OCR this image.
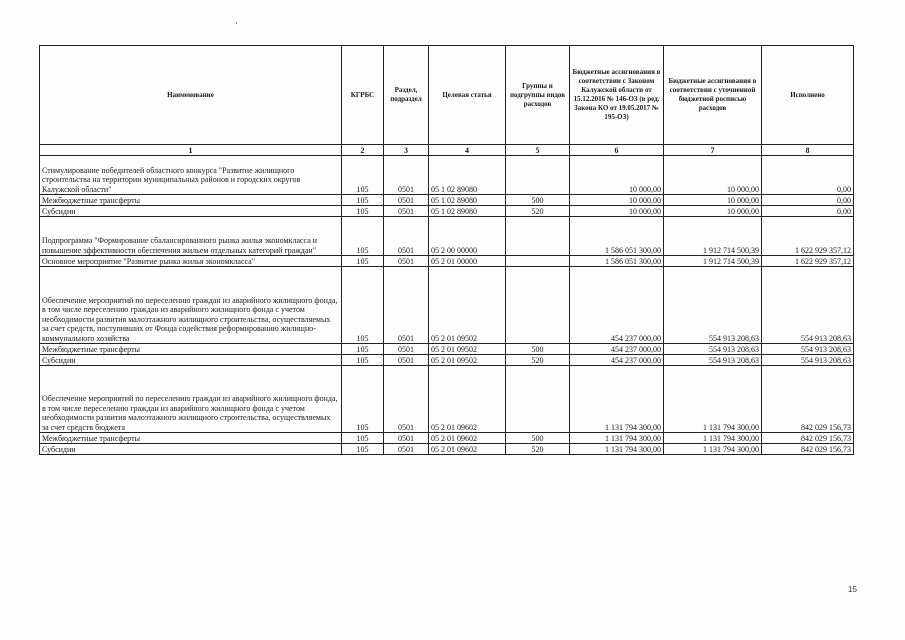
Наименование	КГРБС	Раздел, подраздел	Целевая статья	Группы и подгруппы видов расходов	Бюджетные ассигнования в соответствии с Законом Калужской области от 15.12.2016 № 146-ОЗ (в ред. Закона КО от 19.05.2017 № 195-ОЗ)	Бюджетные ассигнования в соответствии с уточненной бюджетной росписью расходов	Исполнено
1	2	3	4	5	6	7	8
Стимулирование победителей областного конкурса "Развитие жилищного строительства на территории муниципальных районов и городских округов Калужской области"	105	0501	05 1 02 89080		10 000,00	10 000,00	0,00
Межбюджетные трансферты	105	0501	05 1 02 89080	500	10 000,00	10 000,00	0,00
Субсидии	105	0501	05 1 02 89080	520	10 000,00	10 000,00	0,00
Подпрограмма "Формирование сбалансированного рынка жилья экономкласса и повышение эффективности обеспечения жильем отдельных категорий граждан"	105	0501	05 2 00 00000		1 586 051 300,00	1 912 714 500,39	1 622 929 357,12
Основное мероприятие "Развитие рынка жилья экономкласса"	105	0501	05 2 01 00000		1 586 051 300,00	1 912 714 500,39	1 622 929 357,12
Обеспечение мероприятий по переселению граждан из аварийного жилищного фонда, в том числе переселению граждан из аварийного жилищного фонда с учетом необходимости развития малоэтажного жилищного строительства, осуществляемых за счет средств, поступивших от Фонда содействия реформированию жилищно-коммунального хозяйства	105	0501	05 2 01 09502		454 237 000,00	554 913 208,63	554 913 208,63
Межбюджетные трансферты	105	0501	05 2 01 09502	500	454 237 000,00	554 913 208,63	554 913 208,63
Субсидии	105	0501	05 2 01 09502	520	454 237 000,00	554 913 208,63	554 913 208,63
Обеспечение мероприятий по переселению граждан из аварийного жилищного фонда, в том числе переселению граждан из аварийного жилищного фонда с учетом необходимости развития малоэтажного жилищного строительства, осуществляемых за счет средств бюджета	105	0501	05 2 01 09602		1 131 794 300,00	1 131 794 300,00	842 029 156,73
Межбюджетные трансферты	105	0501	05 2 01 09602	500	1 131 794 300,00	1 131 794 300,00	842 029 156,73
Субсидии	105	0501	05 2 01 09602	520	1 131 794 300,00	1 131 794 300,00	842 029 156,73
15
